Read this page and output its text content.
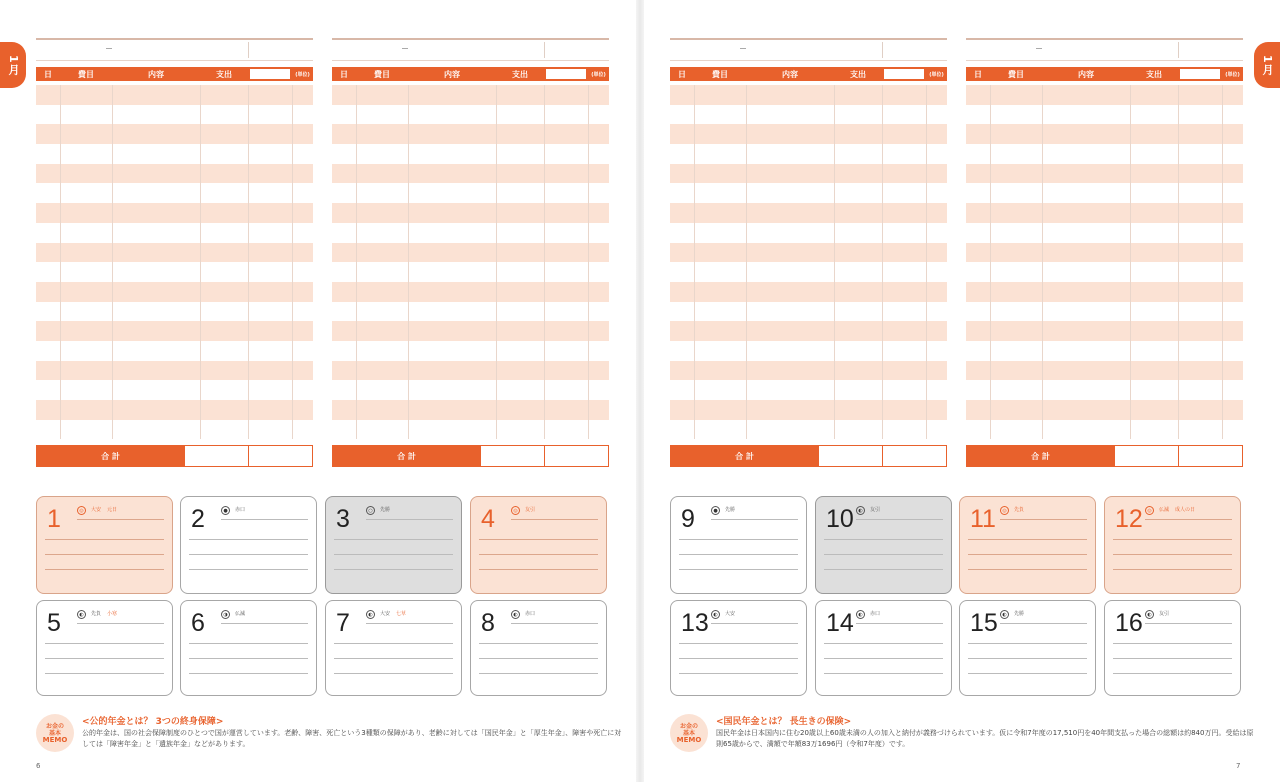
1月	1月
日	費目	内容	支出	(単位)
合 計
日	費目	内容	支出	(単位)
合 計
日	費目	内容	支出	(単位)
合 計
日	費目	内容	支出	(単位)
合 計
1	◎	大安 元日	2	●	赤口	3	○	先勝	4	◎	友引
5	◐	先負 小寒	6	◑	仏滅	7	◐	大安 七草	8	◐	赤口
9	●	先勝	10 ◐	友引	11	◎	先負	12 ◎	仏滅 成人の日
13 ◐	大安	14 ◐	赤口	15 ◐	先勝	16 ◐	友引
お金の
基本
MEMO
<公的年金とは？ 3つの終身保障>
公的年金は、国の社会保障制度のひとつで国が運営しています。老齢、障害、死亡という3種類の保障があり、老齢に対しては「国民年金」と「厚生年金」、障害や死亡に対しては「障害年金」と「遺族年金」などがあります。
お金の
基本
MEMO
<国民年金とは？ 長生きの保険>
国民年金は日本国内に住む20歳以上60歳未満の人の加入と納付が義務づけられています。仮に令和7年度の17,510円を40年間支払った場合の総額は約840万円。受給は原則65歳からで、満額で年額83万1696円（令和7年度）です。
6	7
